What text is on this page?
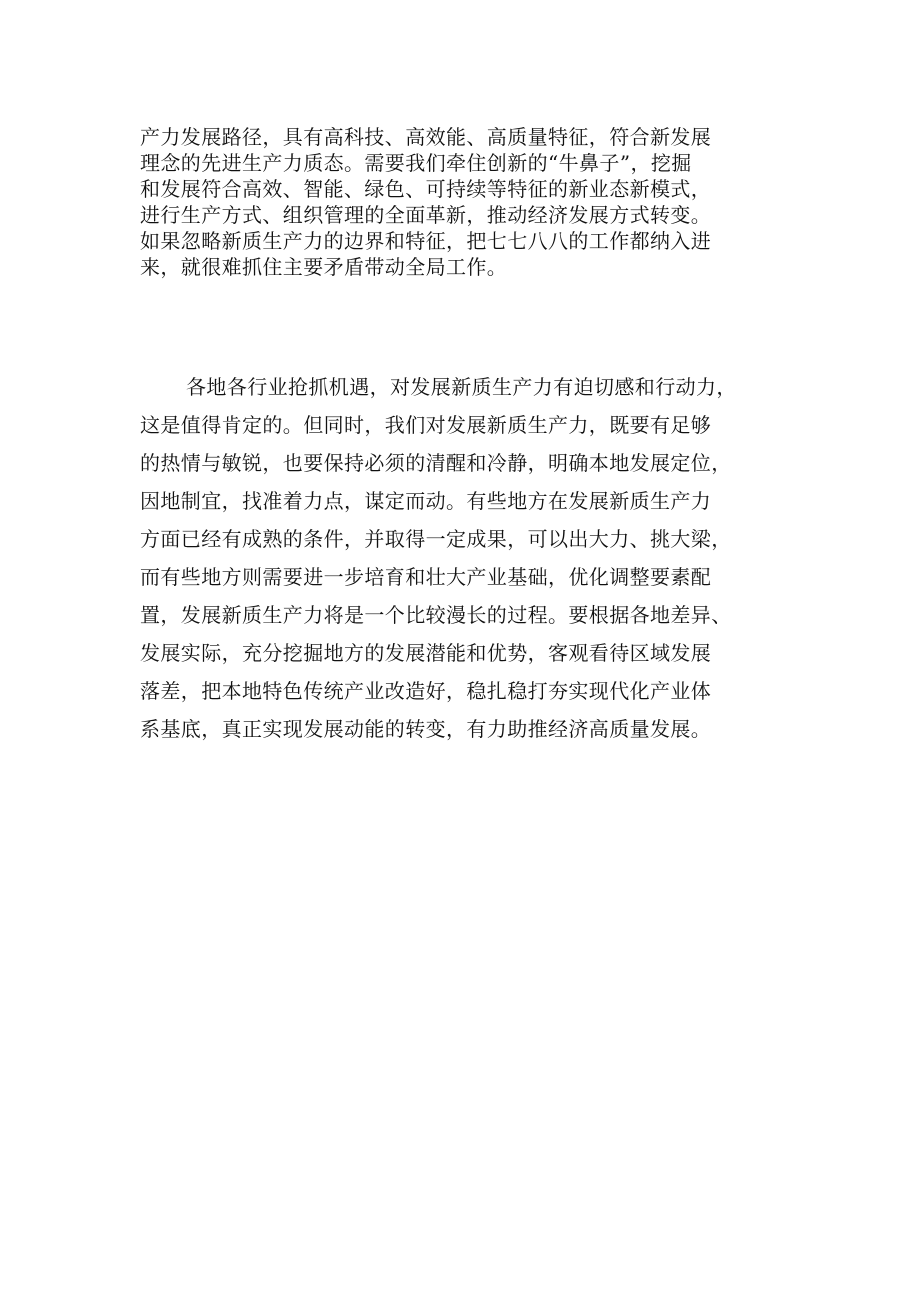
产力发展路径，具有高科技、高效能、高质量特征，符合新发展
理念的先进生产力质态。需要我们牵住创新的“牛鼻子”，挖掘
和发展符合高效、智能、绿色、可持续等特征的新业态新模式，
进行生产方式、组织管理的全面革新，推动经济发展方式转变。
如果忽略新质生产力的边界和特征，把七七八八的工作都纳入进
来，就很难抓住主要矛盾带动全局工作。
各地各行业抢抓机遇，对发展新质生产力有迫切感和行动力，
这是值得肯定的。但同时，我们对发展新质生产力，既要有足够
的热情与敏锐，也要保持必须的清醒和冷静，明确本地发展定位，
因地制宜，找准着力点，谋定而动。有些地方在发展新质生产力
方面已经有成熟的条件，并取得一定成果，可以出大力、挑大梁，
而有些地方则需要进一步培育和壮大产业基础，优化调整要素配
置，发展新质生产力将是一个比较漫长的过程。要根据各地差异、
发展实际，充分挖掘地方的发展潜能和优势，客观看待区域发展
落差，把本地特色传统产业改造好，稳扎稳打夯实现代化产业体
系基底，真正实现发展动能的转变，有力助推经济高质量发展。
